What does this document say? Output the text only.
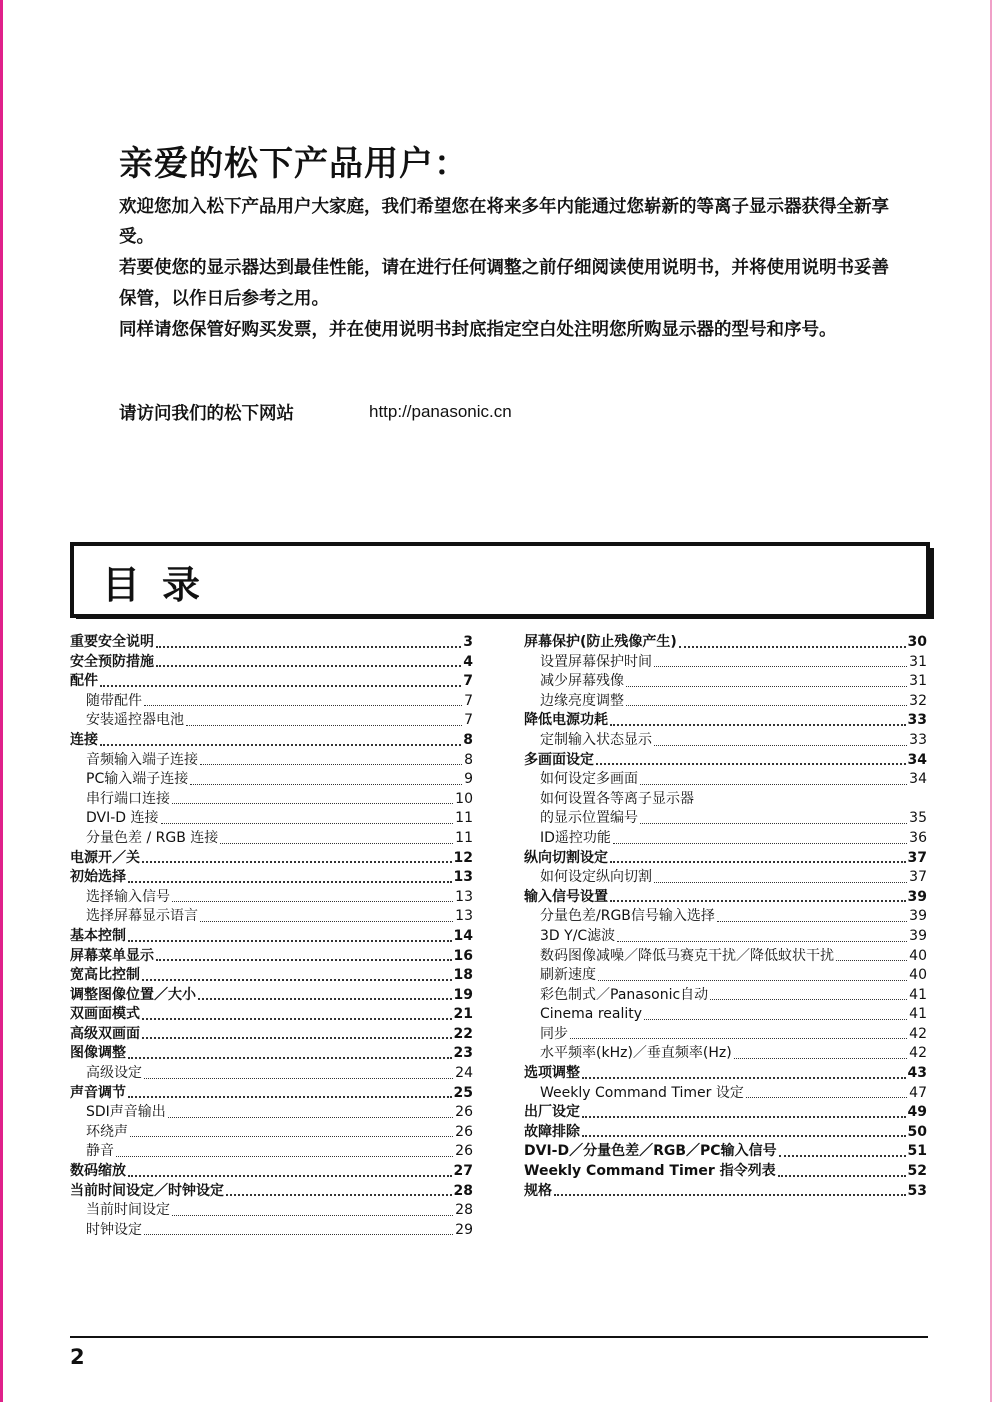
亲爱的松下产品用户：

欢迎您加入松下产品用户大家庭，我们希望您在将来多年内能通过您崭新的等离子显示器获得全新享受。

若要使您的显示器达到最佳性能，请在进行任何调整之前仔细阅读使用说明书，并将使用说明书妥善保管，以作日后参考之用。

同样请您保管好购买发票，并在使用说明书封底指定空白处注明您所购显示器的型号和序号。

请访问我们的松下网站	http://panasonic.cn
目录
重要安全说明	3
安全预防措施	4
配件	7
随带配件	7
安装遥控器电池	7
连接	8
音频输入端子连接	8
PC输入端子连接	9
串行端口连接	10
DVI-D 连接	11
分量色差 / RGB 连接	11
电源开／关	12
初始选择	13
选择输入信号	13
选择屏幕显示语言	13
基本控制	14
屏幕菜单显示	16
宽高比控制	18
调整图像位置／大小	19
双画面模式	21
高级双画面	22
图像调整	23
高级设定	24
声音调节	25
SDI声音输出	26
环绕声	26
静音	26
数码缩放	27
当前时间设定／时钟设定	28
当前时间设定	28
时钟设定	29
屏幕保护(防止残像产生)	30
设置屏幕保护时间	31
减少屏幕残像	31
边缘亮度调整	32
降低电源功耗	33
定制输入状态显示	33
多画面设定	34
如何设定多画面	34
如何设置各等离子显示器
的显示位置编号	35
ID遥控功能	36
纵向切割设定	37
如何设定纵向切割	37
输入信号设置	39
分量色差/RGB信号输入选择	39
3D Y/C滤波	39
数码图像减噪／降低马赛克干扰／降低蚊状干扰	40
刷新速度	40
彩色制式／Panasonic自动	41
Cinema reality	41
同步	42
水平频率(kHz)／垂直频率(Hz)	42
选项调整	43
Weekly Command Timer 设定	47
出厂设定	49
故障排除	50
DVI-D／分量色差／RGB／PC输入信号	51
Weekly Command Timer 指令列表	52
规格	53
2
